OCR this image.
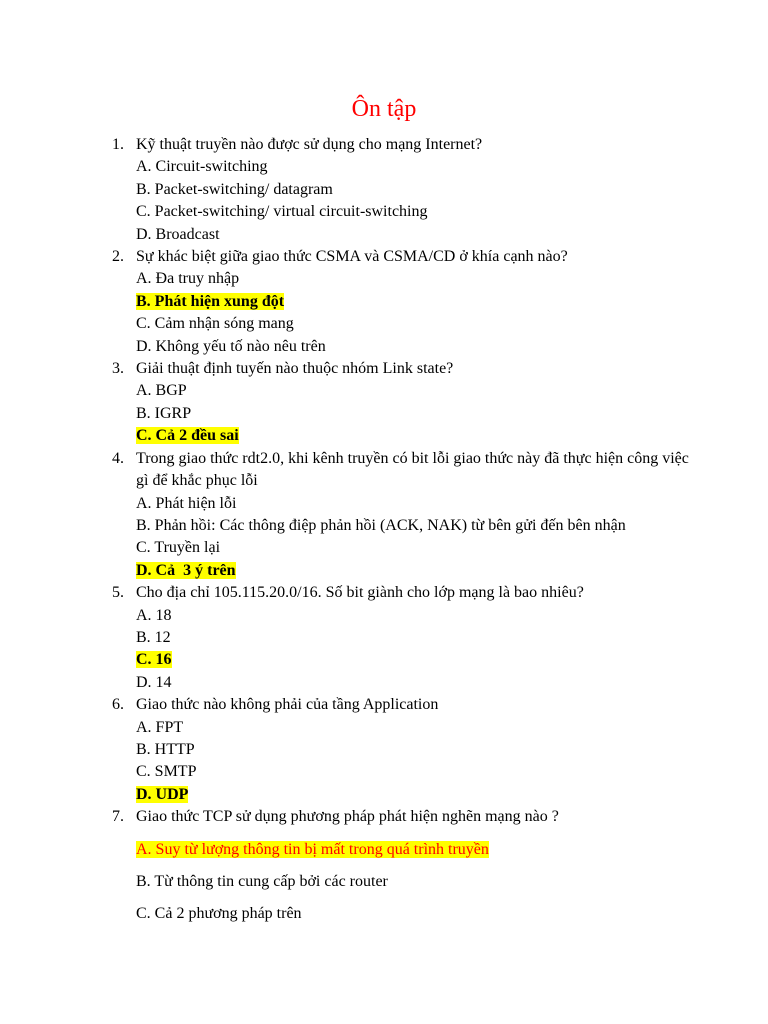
Ôn tập
1. Kỹ thuật truyền nào được sử dụng cho mạng Internet?
A. Circuit-switching
B. Packet-switching/ datagram
C. Packet-switching/ virtual circuit-switching
D. Broadcast
2. Sự khác biệt giữa giao thức CSMA và CSMA/CD ở khía cạnh nào?
A. Đa truy nhập
B. Phát hiện xung đột
C. Cảm nhận sóng mang
D. Không yếu tố nào nêu trên
3. Giải thuật định tuyến nào thuộc nhóm Link state?
A. BGP
B. IGRP
C. Cả 2 đều sai
4. Trong giao thức rdt2.0, khi kênh truyền có bit lỗi giao thức này đã thực hiện công việc gì để khắc phục lỗi
A. Phát hiện lỗi
B. Phản hồi: Các thông điệp phản hồi (ACK, NAK) từ bên gửi đến bên nhận
C. Truyền lại
D. Cả  3 ý trên
5. Cho địa chỉ 105.115.20.0/16. Số bit giành cho lớp mạng là bao nhiêu?
A. 18
B. 12
C. 16
D. 14
6. Giao thức nào không phải của tầng Application
A. FPT
B. HTTP
C. SMTP
D. UDP
7. Giao thức TCP sử dụng phương pháp phát hiện nghẽn mạng nào ?
A. Suy từ lượng thông tin bị mất trong quá trình truyền
B. Từ thông tin cung cấp bởi các router
C. Cả 2 phương pháp trên
